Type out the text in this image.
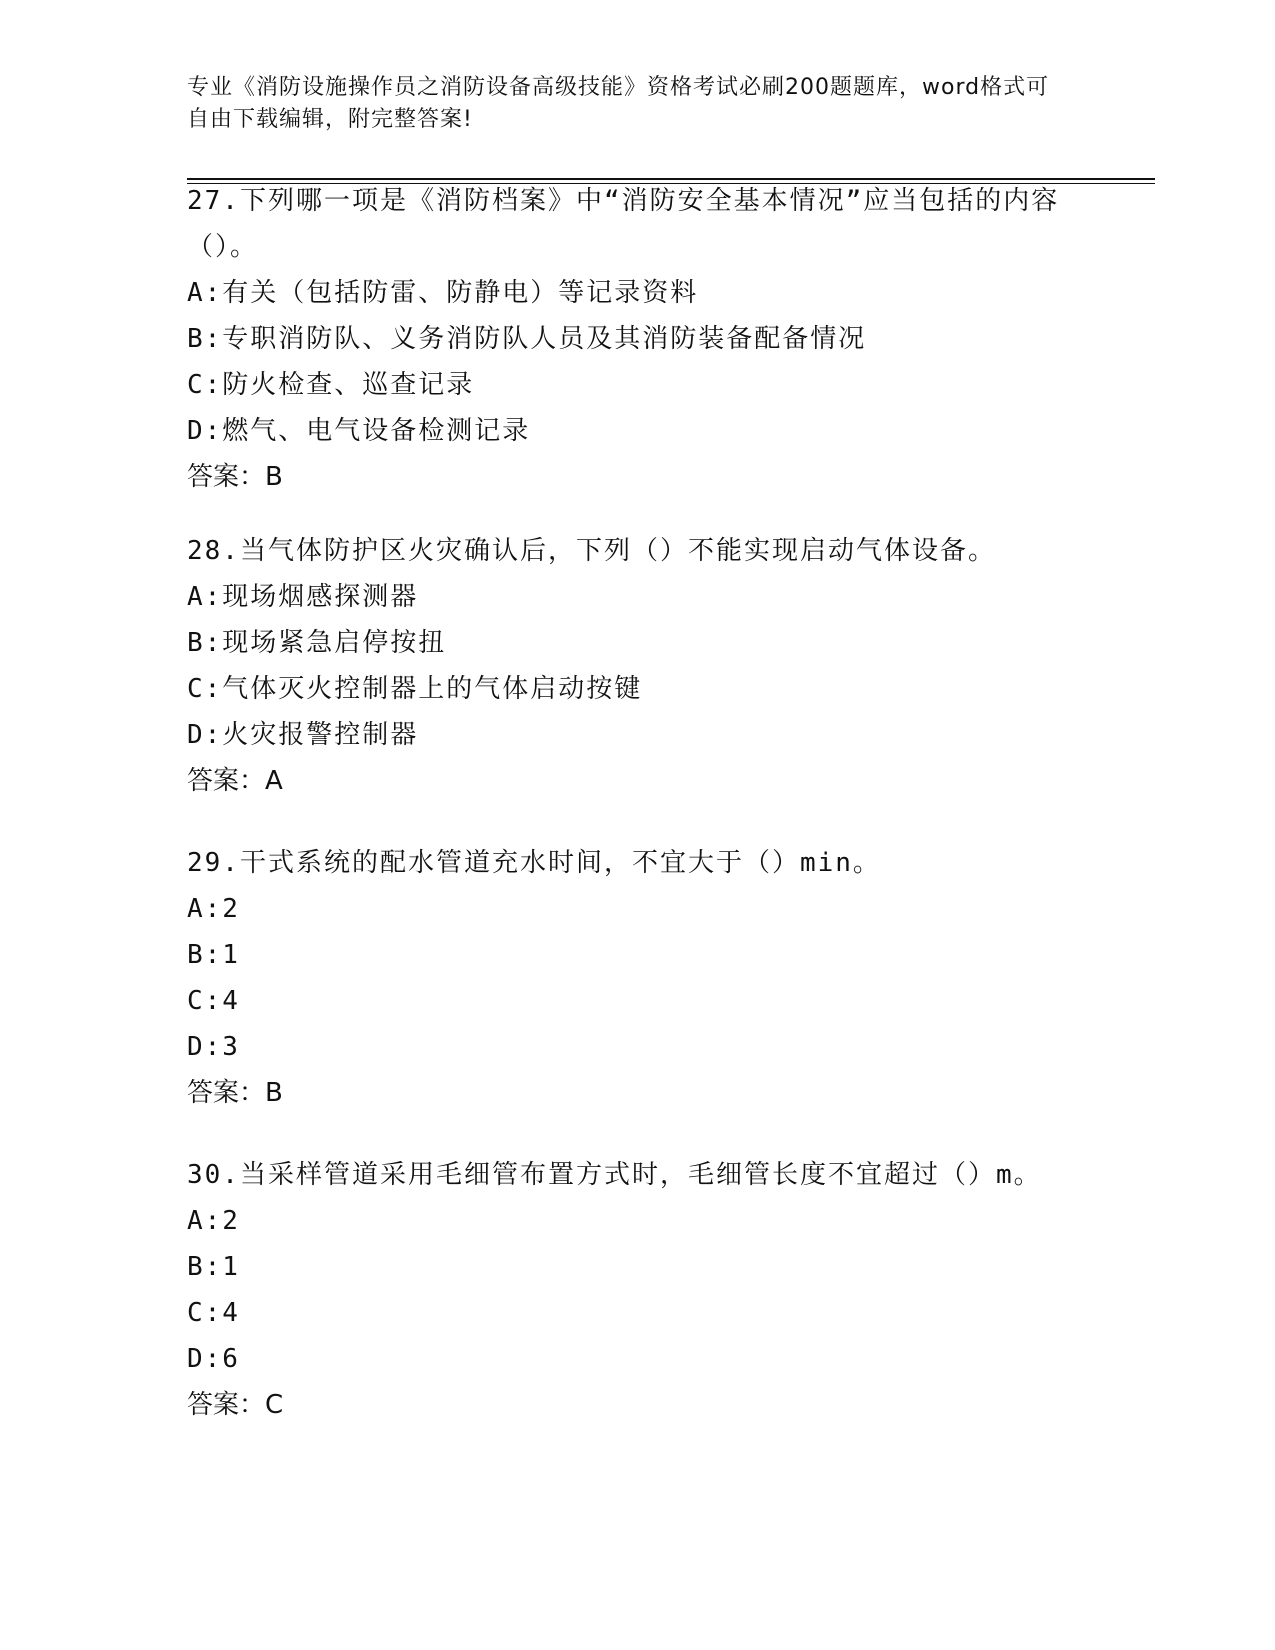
专业《消防设施操作员之消防设备高级技能》资格考试必刷200题题库，word格式可自由下载编辑，附完整答案!
27.下列哪一项是《消防档案》中“消防安全基本情况”应当包括的内容（）。
A:有关（包括防雷、防静电）等记录资料
B:专职消防队、义务消防队人员及其消防装备配备情况
C:防火检查、巡查记录
D:燃气、电气设备检测记录
答案：B
28.当气体防护区火灾确认后，下列（）不能实现启动气体设备。
A:现场烟感探测器
B:现场紧急启停按扭
C:气体灭火控制器上的气体启动按键
D:火灾报警控制器
答案：A
29.干式系统的配水管道充水时间，不宜大于（）min。
A:2
B:1
C:4
D:3
答案：B
30.当采样管道采用毛细管布置方式时，毛细管长度不宜超过（）m。
A:2
B:1
C:4
D:6
答案：C
